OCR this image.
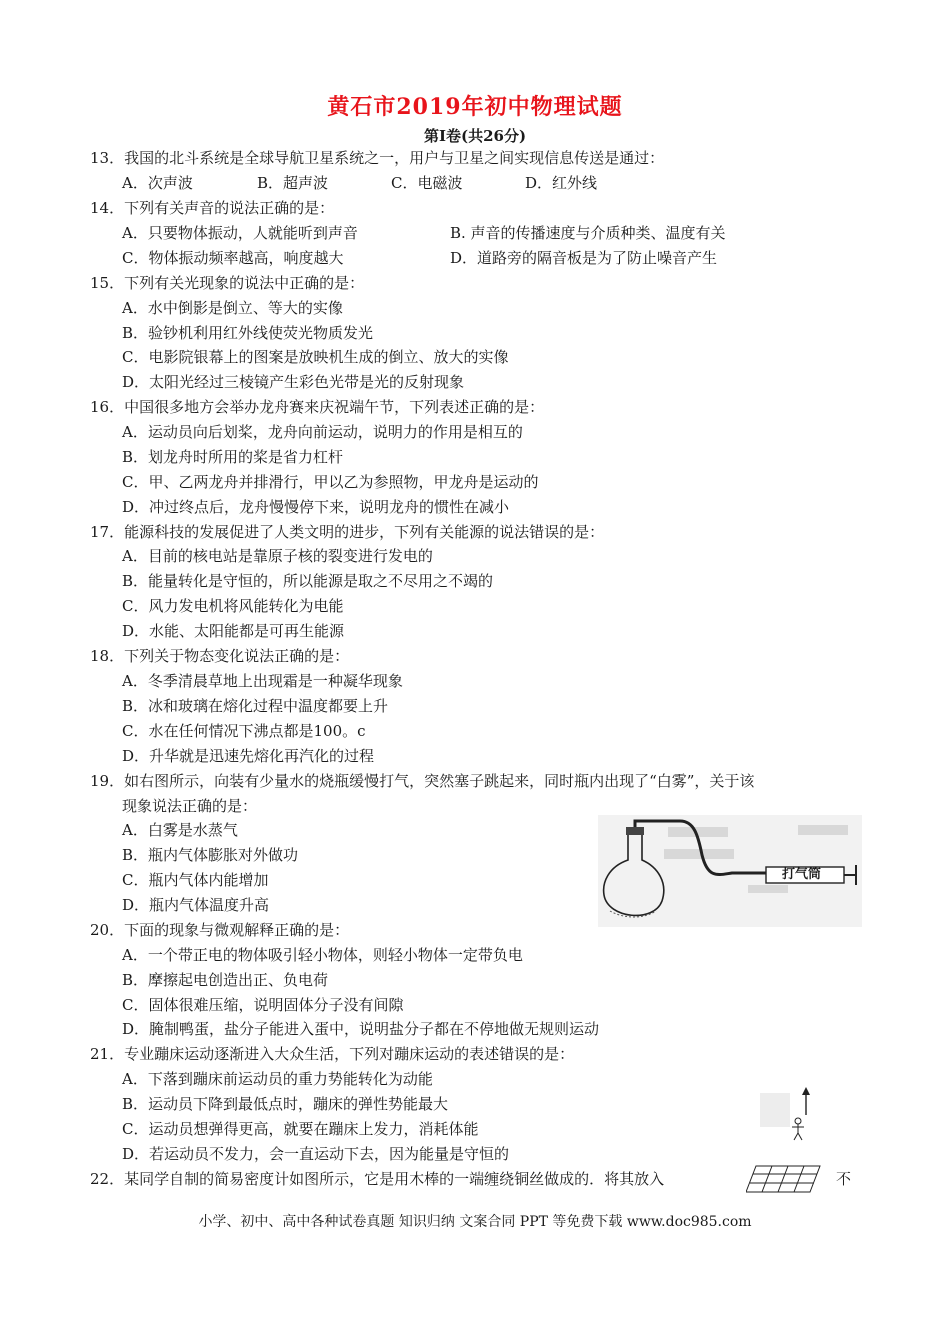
黄石市2019年初中物理试题
第Ⅰ卷(共26分)
13．我国的北斗系统是全球导航卫星系统之一，用户与卫星之间实现信息传送是通过：
A．次声波	B．超声波	C．电磁波	D．红外线
14．下列有关声音的说法正确的是：
A．只要物体振动，人就能听到声音	B. 声音的传播速度与介质种类、温度有关
C．物体振动频率越高，响度越大	D．道路旁的隔音板是为了防止噪音产生
15．下列有关光现象的说法中正确的是：
A．水中倒影是倒立、等大的实像
B．验钞机利用红外线使荧光物质发光
C．电影院银幕上的图案是放映机生成的倒立、放大的实像
D．太阳光经过三棱镜产生彩色光带是光的反射现象
16．中国很多地方会举办龙舟赛来庆祝端午节，下列表述正确的是：
A．运动员向后划桨，龙舟向前运动，说明力的作用是相互的
B．划龙舟时所用的桨是省力杠杆
C．甲、乙两龙舟并排滑行，甲以乙为参照物，甲龙舟是运动的
D．冲过终点后，龙舟慢慢停下来，说明龙舟的惯性在减小
17．能源科技的发展促进了人类文明的进步，下列有关能源的说法错误的是：
A．目前的核电站是靠原子核的裂变进行发电的
B．能量转化是守恒的，所以能源是取之不尽用之不竭的
C．风力发电机将风能转化为电能
D．水能、太阳能都是可再生能源
18．下列关于物态变化说法正确的是：
A．冬季清晨草地上出现霜是一种凝华现象
B．冰和玻璃在熔化过程中温度都要上升
C．水在任何情况下沸点都是100。c
D．升华就是迅速先熔化再汽化的过程
19．如右图所示，向装有少量水的烧瓶缓慢打气，突然塞子跳起来，同时瓶内出现了“白雾”，关于该
现象说法正确的是：
A．白雾是水蒸气
B．瓶内气体膨胀对外做功
C．瓶内气体内能增加
D．瓶内气体温度升高
打气筒
20．下面的现象与微观解释正确的是：
A．一个带正电的物体吸引轻小物体，则轻小物体一定带负电
B．摩擦起电创造出正、负电荷
C．固体很难压缩，说明固体分子没有间隙
D．腌制鸭蛋，盐分子能进入蛋中，说明盐分子都在不停地做无规则运动
21．专业蹦床运动逐渐进入大众生活，下列对蹦床运动的表述错误的是：
A．下落到蹦床前运动员的重力势能转化为动能
B．运动员下降到最低点时，蹦床的弹性势能最大
C．运动员想弹得更高，就要在蹦床上发力，消耗体能
D．若运动员不发力，会一直运动下去，因为能量是守恒的
22．某同学自制的简易密度计如图所示，它是用木棒的一端缠绕铜丝做成的．将其放入	不
小学、初中、高中各种试卷真题 知识归纳 文案合同 PPT 等免费下载 www.doc985.com
